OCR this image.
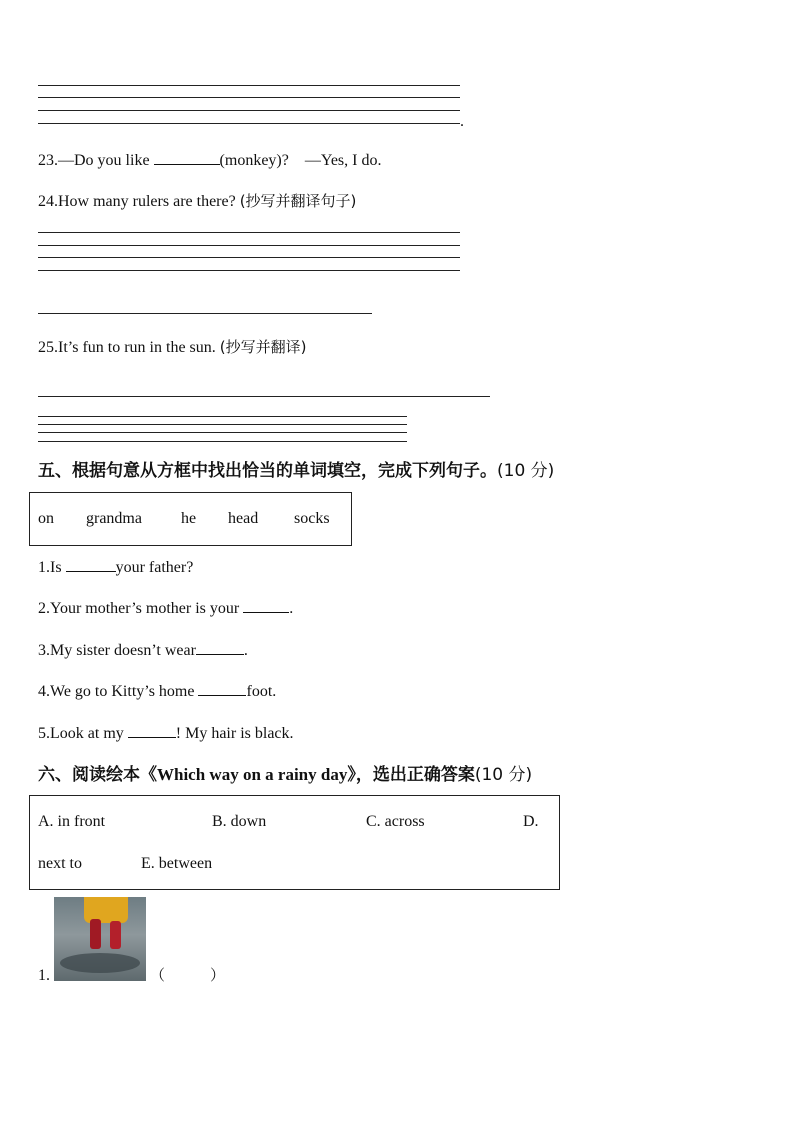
.
23.—Do you like	(monkey)? —Yes, I do.
24.How many rulers are there? (抄写并翻译句子)
25.It’s fun to run in the sun. (抄写并翻译)
五、根据句意从方框中找出恰当的单词填空，完成下列句子。(10 分)
on grandma he head socks
1.Is	your father?
2.Your mother’s mother is your	.
3.My sister doesn’t wear	.
4.We go to Kitty’s home	foot.
5.Look at my	! My hair is black.
六、阅读绘本《Which way on a rainy day》，选出正确答案(10 分)
A. in front	B. down	C. across	D.
next to	E. between
1.	（　　　）
